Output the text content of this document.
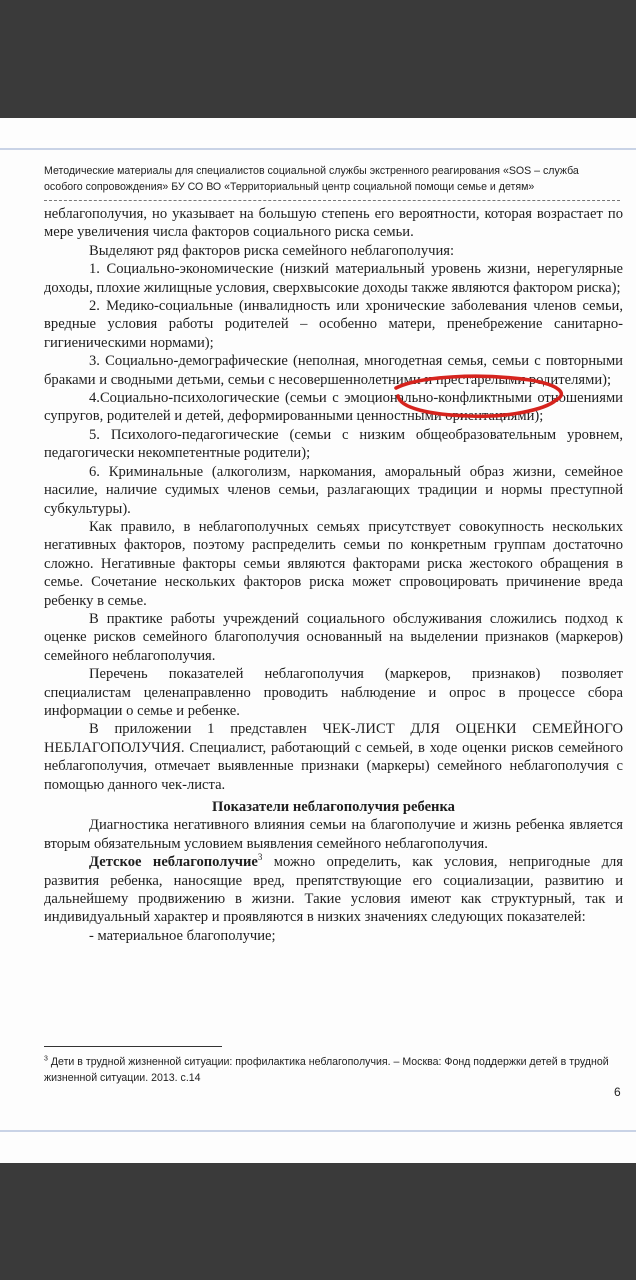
Методические материалы для специалистов социальной службы экстренного реагирования «SOS – служба особого сопровождения» БУ СО ВО «Территориальный центр социальной помощи семье и детям»

неблагополучия, но указывает на большую степень его вероятности, которая возрастает по мере увеличения числа факторов социального риска семьи.

Выделяют ряд факторов риска семейного неблагополучия:

1. Социально-экономические (низкий материальный уровень жизни, нерегулярные доходы, плохие жилищные условия, сверхвысокие доходы также являются фактором риска);

2. Медико-социальные (инвалидность или хронические заболевания членов семьи, вредные условия работы родителей – особенно матери, пренебрежение санитарно-гигиеническими нормами);

3. Социально-демографические (неполная, многодетная семья, семьи с повторными браками и сводными детьми, семьи с несовершеннолетними и престарелыми родителями);

4.Социально-психологические (семьи с эмоционально-конфликтными отношениями супругов, родителей и детей, деформированными ценностными ориентациями);

5. Психолого-педагогические (семьи с низким общеобразовательным уровнем, педагогически некомпетентные родители);

6. Криминальные (алкоголизм, наркомания, аморальный образ жизни, семейное насилие, наличие судимых членов семьи, разлагающих традиции и нормы преступной субкультуры).

Как правило, в неблагополучных семьях присутствует совокупность нескольких негативных факторов, поэтому распределить семьи по конкретным группам достаточно сложно. Негативные факторы семьи являются факторами риска жестокого обращения в семье. Сочетание нескольких факторов риска может спровоцировать причинение вреда ребенку в семье.

В практике работы учреждений социального обслуживания сложились подход к оценке рисков семейного благополучия основанный на выделении признаков (маркеров) семейного неблагополучия.

Перечень показателей неблагополучия (маркеров, признаков) позволяет специалистам целенаправленно проводить наблюдение и опрос в процессе сбора информации о семье и ребенке.

В приложении 1 представлен ЧЕК-ЛИСТ ДЛЯ ОЦЕНКИ СЕМЕЙНОГО НЕБЛАГОПОЛУЧИЯ. Специалист, работающий с семьей, в ходе оценки рисков семейного неблагополучия, отмечает выявленные признаки (маркеры) семейного неблагополучия с помощью данного чек-листа.

Показатели неблагополучия ребенка

Диагностика негативного влияния семьи на благополучие и жизнь ребенка является вторым обязательным условием выявления семейного неблагополучия.

Детское неблагополучие$^3$ можно определить, как условия, непригодные для развития ребенка, наносящие вред, препятствующие его социализации, развитию и дальнейшему продвижению в жизни. Такие условия имеют как структурный, так и индивидуальный характер и проявляются в низких значениях следующих показателей:

- материальное благополучие;

$^3$ Дети в трудной жизненной ситуации: профилактика неблагополучия. – Москва: Фонд поддержки детей в трудной жизненной ситуации. 2013. с.14
6
